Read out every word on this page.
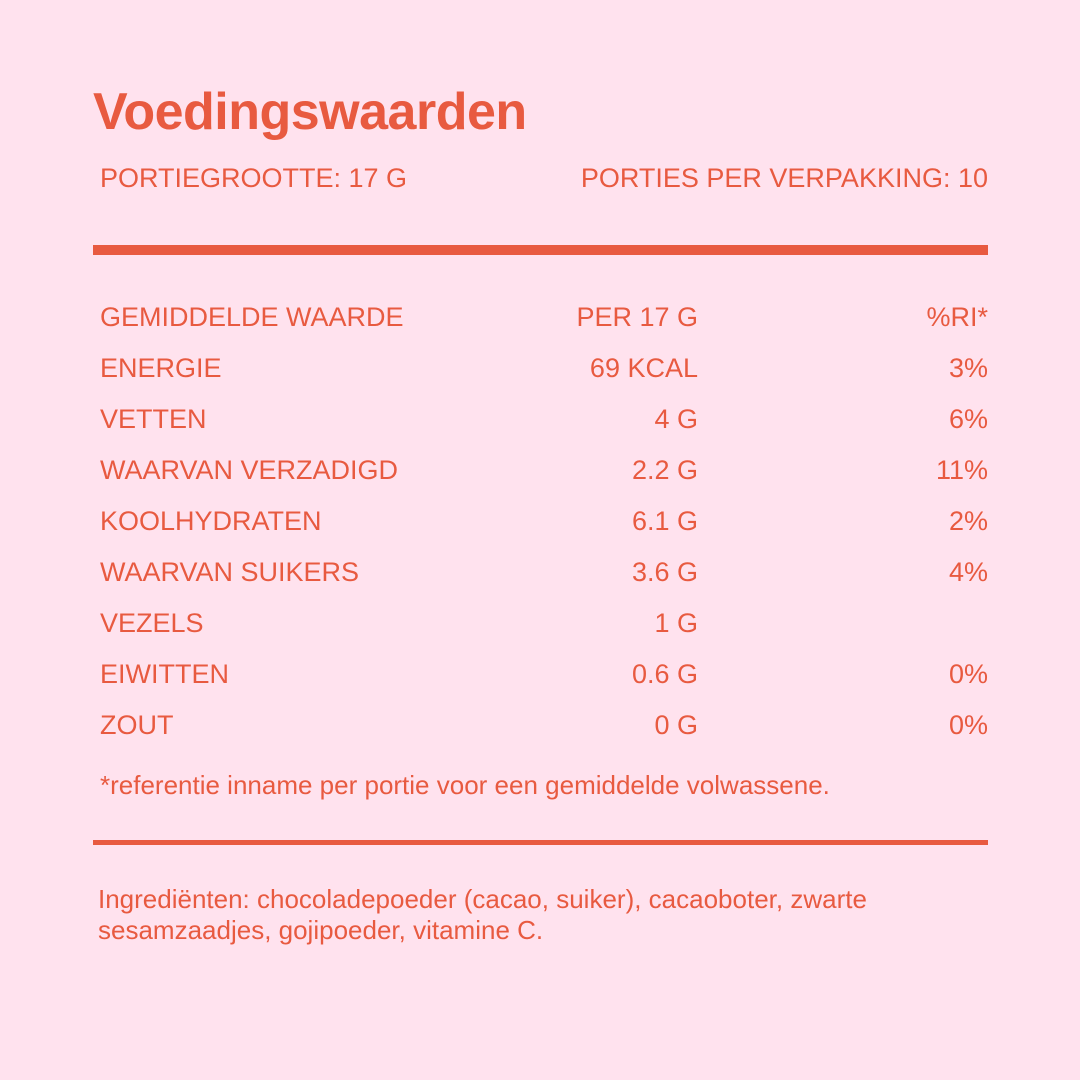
Voedingswaarden
PORTIEGROOTTE: 17 G	PORTIES PER VERPAKKING: 10
GEMIDDELDE WAARDE	PER 17 G	%RI*
ENERGIE	69 KCAL	3%
VETTEN	4 G	6%
WAARVAN VERZADIGD	2.2 G	11%
KOOLHYDRATEN	6.1 G	2%
WAARVAN SUIKERS	3.6 G	4%
VEZELS	1 G
EIWITTEN	0.6 G	0%
ZOUT	0 G	0%
*referentie inname per portie voor een gemiddelde volwassene.
Ingrediënten: chocoladepoeder (cacao, suiker), cacaoboter, zwarte sesamzaadjes, gojipoeder, vitamine C.
